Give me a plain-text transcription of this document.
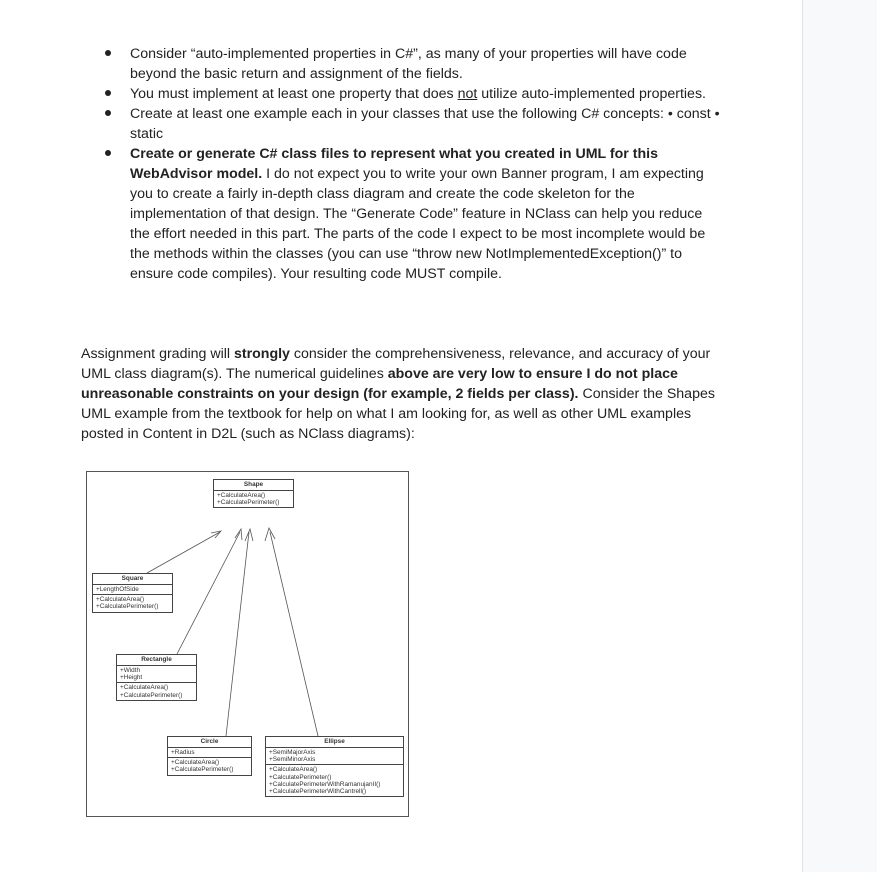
Consider “auto-implemented properties in C#”, as many of your properties will have code beyond the basic return and assignment of the fields.
You must implement at least one property that does not utilize auto-implemented properties.
Create at least one example each in your classes that use the following C# concepts: • const • static
Create or generate C# class files to represent what you created in UML for this WebAdvisor model. I do not expect you to write your own Banner program, I am expecting you to create a fairly in-depth class diagram and create the code skeleton for the implementation of that design. The “Generate Code” feature in NClass can help you reduce the effort needed in this part. The parts of the code I expect to be most incomplete would be the methods within the classes (you can use “throw new NotImplementedException()” to ensure code compiles). Your resulting code MUST compile.

Assignment grading will strongly consider the comprehensiveness, relevance, and accuracy of your UML class diagram(s). The numerical guidelines above are very low to ensure I do not place unreasonable constraints on your design (for example, 2 fields per class). Consider the Shapes UML example from the textbook for help on what I am looking for, as well as other UML examples posted in Content in D2L (such as NClass diagrams):

Shape
+CalculateArea()
+CalculatePerimeter()
Square
+LengthOfSide
+CalculateArea()
+CalculatePerimeter()
Rectangle
+Width
+Height
+CalculateArea()
+CalculatePerimeter()
Circle
+Radius
+CalculateArea()
+CalculatePerimeter()
Ellipse
+SemiMajorAxis
+SemiMinorAxis
+CalculateArea()
+CalculatePerimeter()
+CalculatePerimeterWithRamanujanII()
+CalculatePerimeterWithCantrell()
